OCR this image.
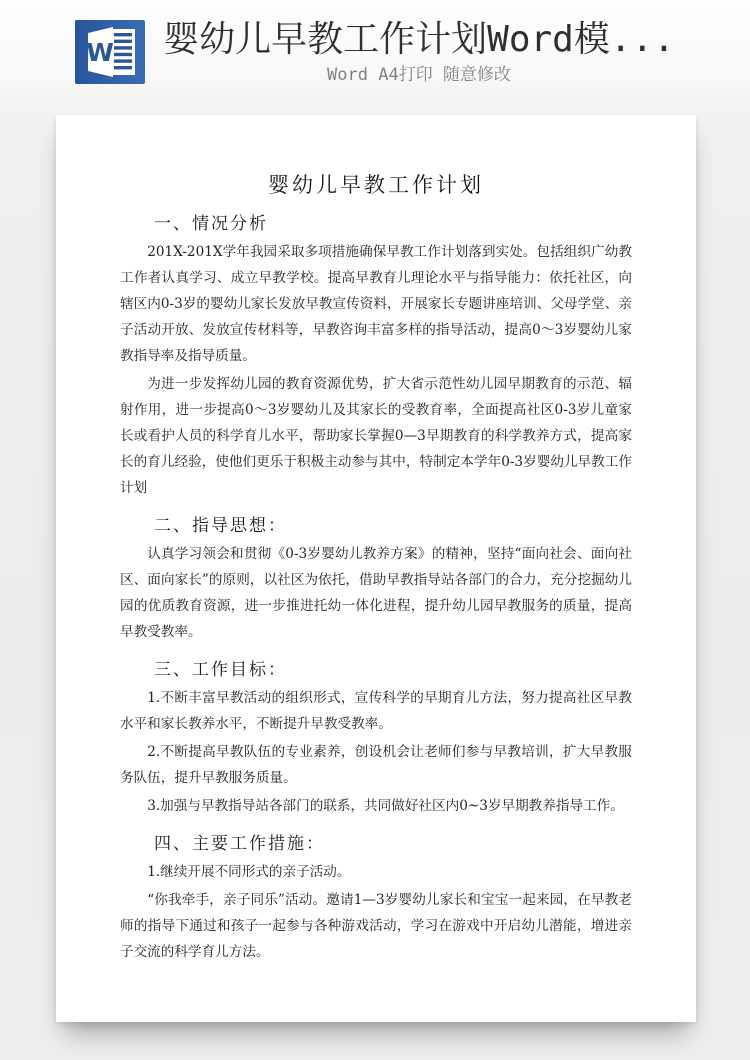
W 婴幼儿早教工作计划Word模...
Word A4打印 随意修改
婴幼儿早教工作计划
一、情况分析

201X-201X学年我园采取多项措施确保早教工作计划落到实处。包括组织广幼教工作者认真学习、成立早教学校。提高早教育儿理论水平与指导能力：依托社区，向辖区内0-3岁的婴幼儿家长发放早教宣传资料，开展家长专题讲座培训、父母学堂、亲子活动开放、发放宣传材料等，早教咨询丰富多样的指导活动，提高0～3岁婴幼儿家教指导率及指导质量。

为进一步发挥幼儿园的教育资源优势，扩大省示范性幼儿园早期教育的示范、辐射作用，进一步提高0～3岁婴幼儿及其家长的受教育率，全面提高社区0-3岁儿童家长或看护人员的科学育儿水平，帮助家长掌握0—3早期教育的科学教养方式，提高家长的育儿经验，使他们更乐于积极主动参与其中，特制定本学年0-3岁婴幼儿早教工作计划

二、指导思想：

认真学习领会和贯彻《0-3岁婴幼儿教养方案》的精神，坚持“面向社会、面向社区、面向家长”的原则，以社区为依托，借助早教指导站各部门的合力，充分挖掘幼儿园的优质教育资源，进一步推进托幼一体化进程，提升幼儿园早教服务的质量，提高早教受教率。

三、工作目标：

1.不断丰富早教活动的组织形式，宣传科学的早期育儿方法，努力提高社区早教水平和家长教养水平，不断提升早教受教率。

2.不断提高早教队伍的专业素养，创设机会让老师们参与早教培训，扩大早教服务队伍，提升早教服务质量。

3.加强与早教指导站各部门的联系，共同做好社区内0~3岁早期教养指导工作。

四、主要工作措施：

1.继续开展不同形式的亲子活动。

“你我牵手，亲子同乐”活动。邀请1—3岁婴幼儿家长和宝宝一起来园，在早教老师的指导下通过和孩子一起参与各种游戏活动，学习在游戏中开启幼儿潜能，增进亲子交流的科学育儿方法。
